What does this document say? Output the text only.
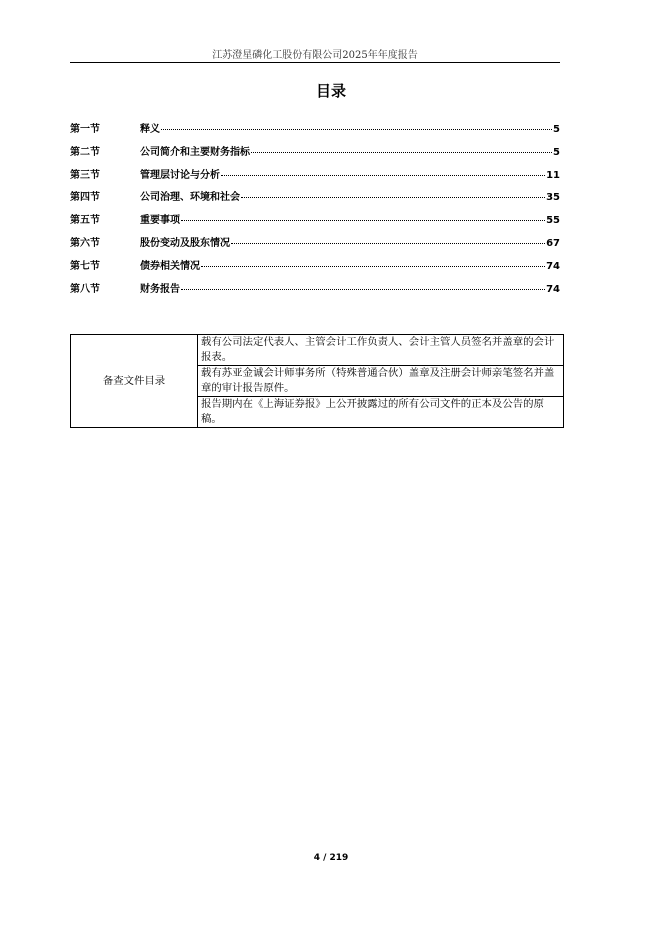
江苏澄星磷化工股份有限公司2025年年度报告
目录
第一节	释义	5
第二节	公司简介和主要财务指标	5
第三节	管理层讨论与分析	11
第四节	公司治理、环境和社会	35
第五节	重要事项	55
第六节	股份变动及股东情况	67
第七节	债券相关情况	74
第八节	财务报告	74
备查文件目录	载有公司法定代表人、主管会计工作负责人、会计主管人员签名并盖章的会计报表。
载有苏亚金诚会计师事务所（特殊普通合伙）盖章及注册会计师亲笔签名并盖章的审计报告原件。
报告期内在《上海证券报》上公开披露过的所有公司文件的正本及公告的原稿。
4 / 219
